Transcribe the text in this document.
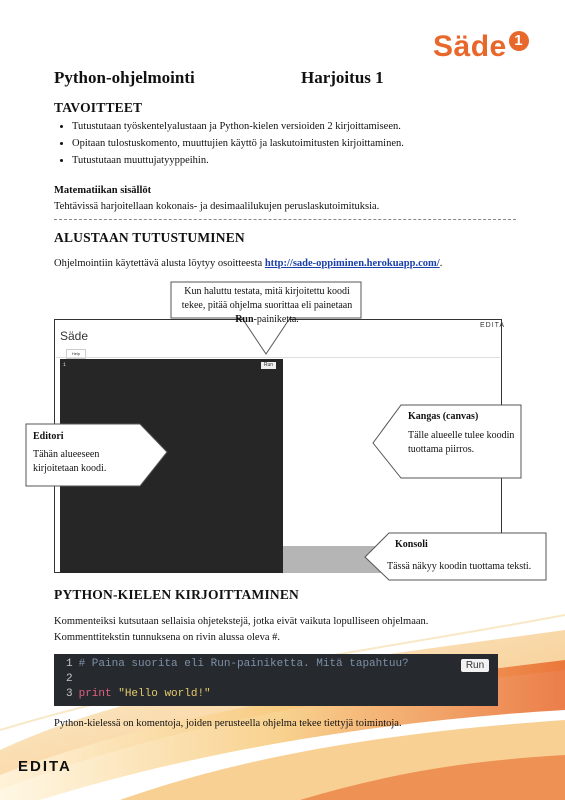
Säde 1
Python-ohjelmointi	Harjoitus 1
TAVOITTEET
• Tutustutaan työskentelyalustaan ja Python-kielen versioiden 2 kirjoittamiseen.
• Opitaan tulostuskomento, muuttujien käyttö ja laskutoimitusten kirjoittaminen.
• Tutustutaan muuttujatyyppeihin.
Matematiikan sisällöt
Tehtävissä harjoitellaan kokonais- ja desimaalilukujen peruslaskutoimituksia.
ALUSTAAN TUTUSTUMINEN
Ohjelmointiin käytettävä alusta löytyy osoitteesta http://sade-oppiminen.herokuapp.com/.
Säde
EDITA
Help
1	Run
Kun haluttu testata, mitä kirjoitettu koodi tekee, pitää ohjelma suorittaa eli painetaan Run-painiketta.
Editori
Tähän alueeseen kirjoitetaan koodi.
Kangas (canvas)
Tälle alueelle tulee koodin tuottama piirros.
Konsoli
Tässä näkyy koodin tuottama teksti.
PYTHON-KIELEN KIRJOITTAMINEN
Kommenteiksi kutsutaan sellaisia ohjetekstejä, jotka eivät vaikuta lopulliseen ohjelmaan.
Kommenttitekstin tunnuksena on rivin alussa oleva #.
1 # Paina suorita eli Run-painiketta. Mitä tapahtuu?
2
3 print "Hello world!"
Run
Python-kielessä on komentoja, joiden perusteella ohjelma tekee tiettyjä toimintoja.
EDITA
